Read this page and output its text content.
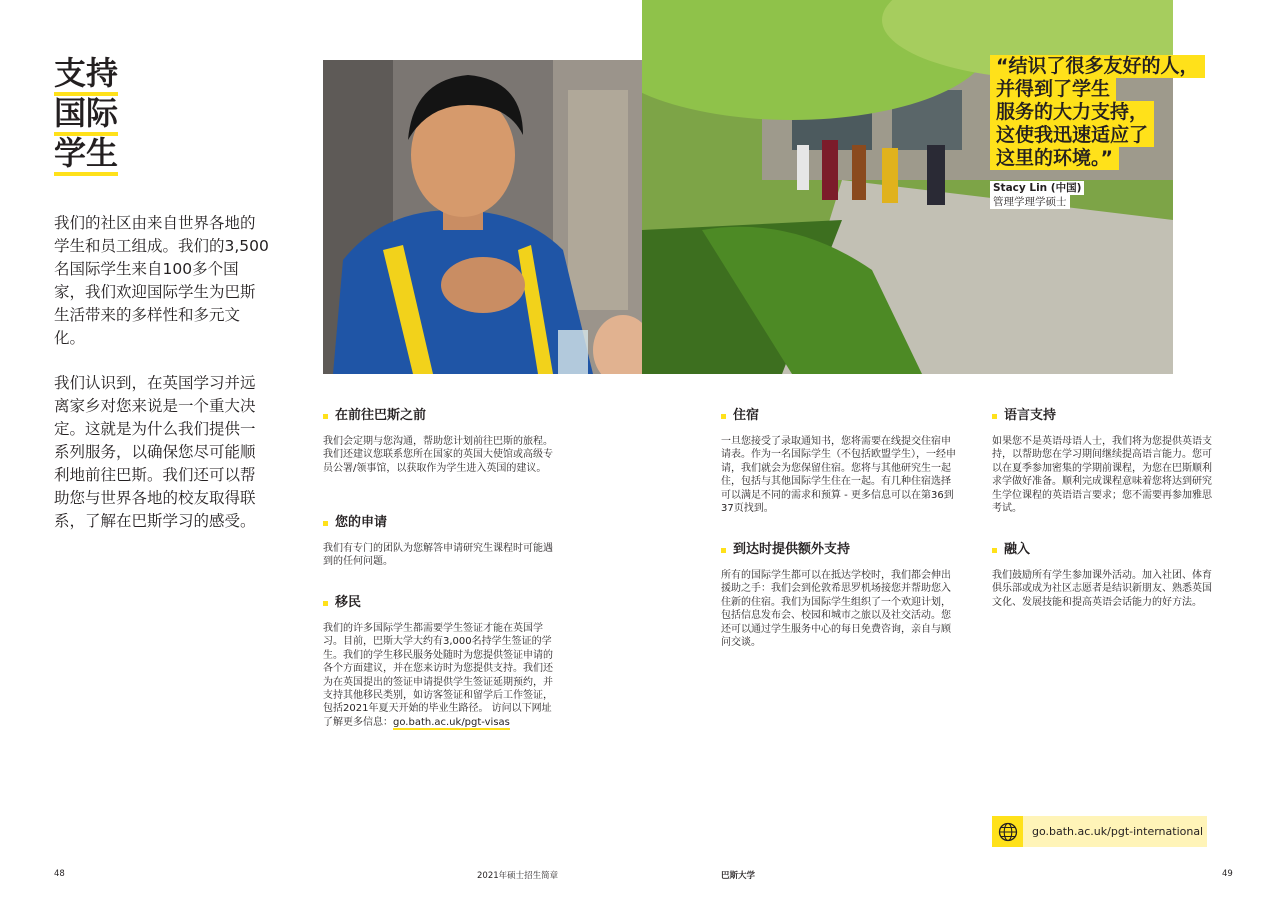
支持
国际
学生

我们的社区由来自世界各地的学生和员工组成。我们的3,500名国际学生来自100多个国家，我们欢迎国际学生为巴斯生活带来的多样性和多元文化。

我们认识到，在英国学习并远离家乡对您来说是一个重大决定。这就是为什么我们提供一系列服务，以确保您尽可能顺利地前往巴斯。我们还可以帮助您与世界各地的校友取得联系，了解在巴斯学习的感受。

“结识了很多友好的人，
并得到了学生
服务的大力支持，
这使我迅速适应了
这里的环境。”
Stacy Lin (中国)
管理学理学硕士
在前往巴斯之前

我们会定期与您沟通，帮助您计划前往巴斯的旅程。我们还建议您联系您所在国家的英国大使馆或高级专员公署/领事馆，以获取作为学生进入英国的建议。

您的申请

我们有专门的团队为您解答申请研究生课程时可能遇到的任何问题。

移民

我们的许多国际学生都需要学生签证才能在英国学习。目前，巴斯大学大约有3,000名持学生签证的学生。我们的学生移民服务处随时为您提供签证申请的各个方面建议，并在您来访时为您提供支持。我们还为在英国提出的签证申请提供学生签证延期预约，并支持其他移民类别，如访客签证和留学后工作签证，包括2021年夏天开始的毕业生路径。 访问以下网址了解更多信息：go.bath.ac.uk/pgt-visas

住宿

一旦您接受了录取通知书，您将需要在线提交住宿申请表。作为一名国际学生（不包括欧盟学生），一经申请，我们就会为您保留住宿。您将与其他研究生一起住，包括与其他国际学生住在一起。有几种住宿选择可以满足不同的需求和预算 - 更多信息可以在第36到37页找到。

到达时提供额外支持

所有的国际学生都可以在抵达学校时，我们都会伸出援助之手：我们会到伦敦希思罗机场接您并帮助您入住新的住宿。我们为国际学生组织了一个欢迎计划，包括信息发布会、校园和城市之旅以及社交活动。您还可以通过学生服务中心的每日免费咨询，亲自与顾问交谈。

语言支持

如果您不是英语母语人士，我们将为您提供英语支持，以帮助您在学习期间继续提高语言能力。您可以在夏季参加密集的学期前课程，为您在巴斯顺利求学做好准备。顺利完成课程意味着您将达到研究生学位课程的英语语言要求；您不需要再参加雅思考试。

融入

我们鼓励所有学生参加课外活动。加入社团、体育俱乐部或成为社区志愿者是结识新朋友、熟悉英国文化、发展技能和提高英语会话能力的好方法。

go.bath.ac.uk/pgt-international
48	2021年硕士招生简章	巴斯大学	49
